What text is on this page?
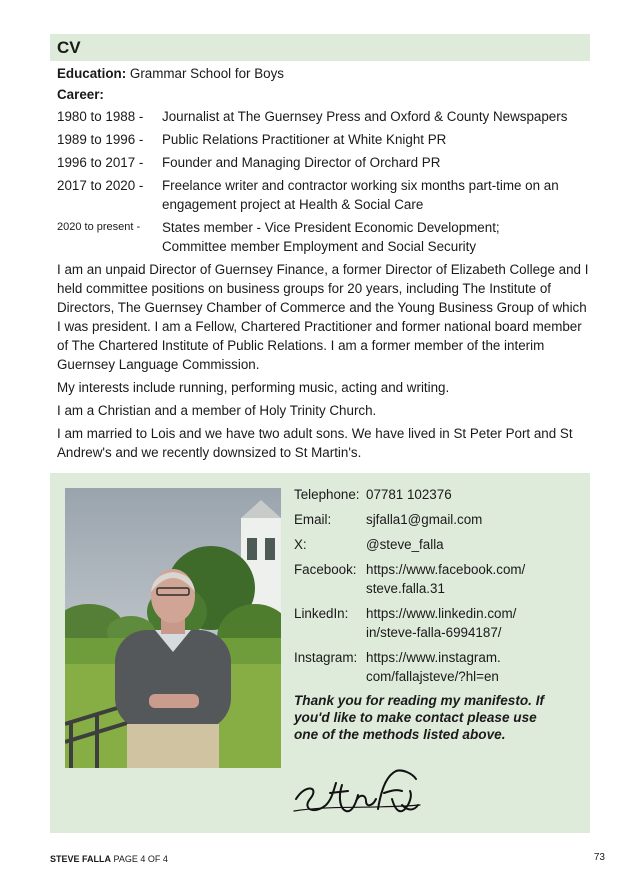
CV

Education: Grammar School for Boys

Career:

1980 to 1988 -	Journalist at The Guernsey Press and Oxford & County Newspapers
1989 to 1996 -	Public Relations Practitioner at White Knight PR
1996 to 2017 -	Founder and Managing Director of Orchard PR
2017 to 2020 -	Freelance writer and contractor working six months part-time on an engagement project at Health & Social Care
2020 to present -	States member - Vice President Economic Development;
Committee member Employment and Social Security

I am an unpaid Director of Guernsey Finance, a former Director of Elizabeth College and I held committee positions on business groups for 20 years, including The Institute of Directors, The Guernsey Chamber of Commerce and the Young Business Group of which I was president. I am a Fellow, Chartered Practitioner and former national board member of The Chartered Institute of Public Relations. I am a former member of the interim Guernsey Language Commission.

My interests include running, performing music, acting and writing.

I am a Christian and a member of Holy Trinity Church.

I am married to Lois and we have two adult sons. We have lived in St Peter Port and St Andrew's and we recently downsized to St Martin's.

Telephone: 07781 102376
Email:	sjfalla1@gmail.com
X:	@steve_falla
Facebook: https://www.facebook.com/
steve.falla.31
LinkedIn:	https://www.linkedin.com/
in/steve-falla-6994187/
Instagram: https://www.instagram.
com/fallajsteve/?hl=en

Thank you for reading my manifesto. If you'd like to make contact please use one of the methods listed above.

STEVE FALLA PAGE 4 OF 4	73
